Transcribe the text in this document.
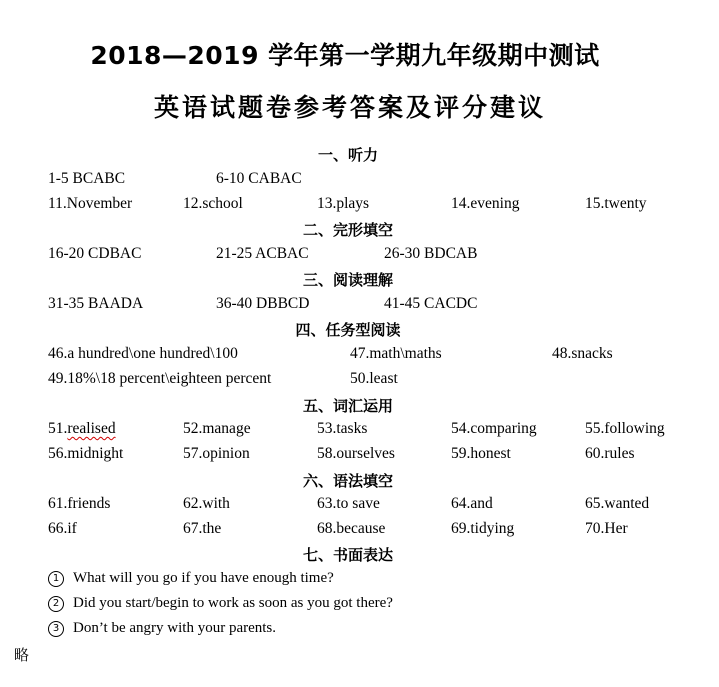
2018—2019 学年第一学期九年级期中测试
英语试题卷参考答案及评分建议
一、听力
1-5 BCABC	6-10 CABAC
11.November	12.school	13.plays	14.evening	15.twenty
二、完形填空
16-20 CDBAC	21-25 ACBAC	26-30 BDCAB
三、阅读理解
31-35 BAADA	36-40 DBBCD	41-45 CACDC
四、任务型阅读
46.a hundred\one hundred\100	47.math\maths	48.snacks
49.18%\18 percent\eighteen percent	50.least
五、词汇运用
51.realised	52.manage	53.tasks	54.comparing	55.following
56.midnight	57.opinion	58.ourselves	59.honest	60.rules
六、语法填空
61.friends	62.with	63.to save	64.and	65.wanted
66.if	67.the	68.because	69.tidying	70.Her
七、书面表达
1 What will you go if you have enough time?
2 Did you start/begin to work as soon as you got there?
3 Don’t be angry with your parents.
略
